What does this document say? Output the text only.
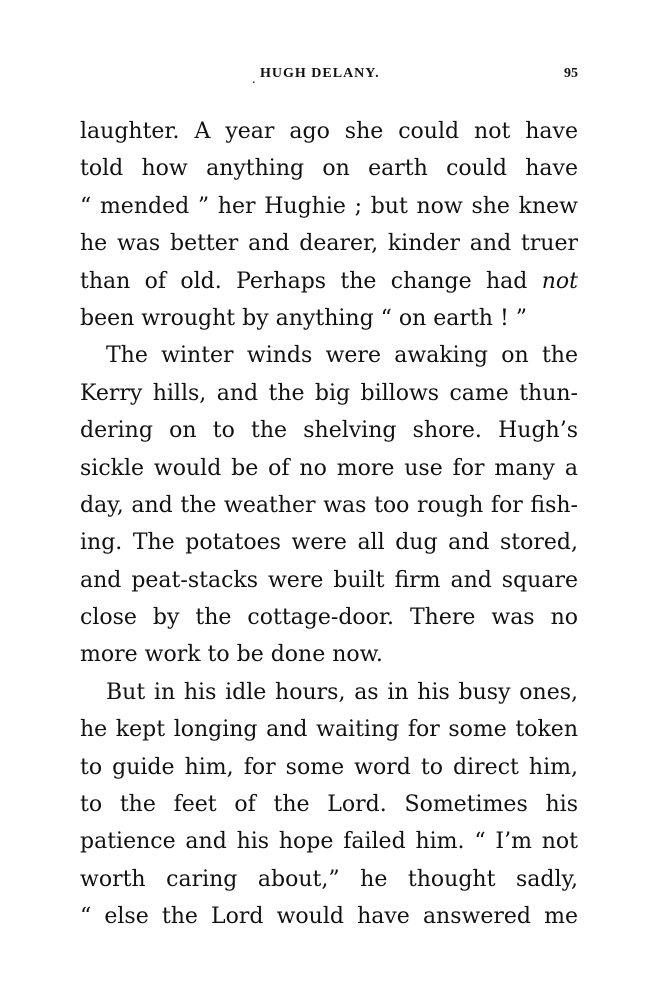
. HUGH DELANY.	95
laughter. A year ago she could not have
told how anything on earth could have
“ mended ” her Hughie ; but now she knew
he was better and dearer, kinder and truer
than of old. Perhaps the change had not
been wrought by anything “ on earth ! ”
The winter winds were awaking on the
Kerry hills, and the big billows came thun-
dering on to the shelving shore. Hugh’s
sickle would be of no more use for many a
day, and the weather was too rough for fish-
ing. The potatoes were all dug and stored,
and peat-stacks were built firm and square
close by the cottage-door. There was no
more work to be done now.
But in his idle hours, as in his busy ones,
he kept longing and waiting for some token
to guide him, for some word to direct him,
to the feet of the Lord. Sometimes his
patience and his hope failed him. “ I’m not
worth caring about,” he thought sadly,
“ else the Lord would have answered me
